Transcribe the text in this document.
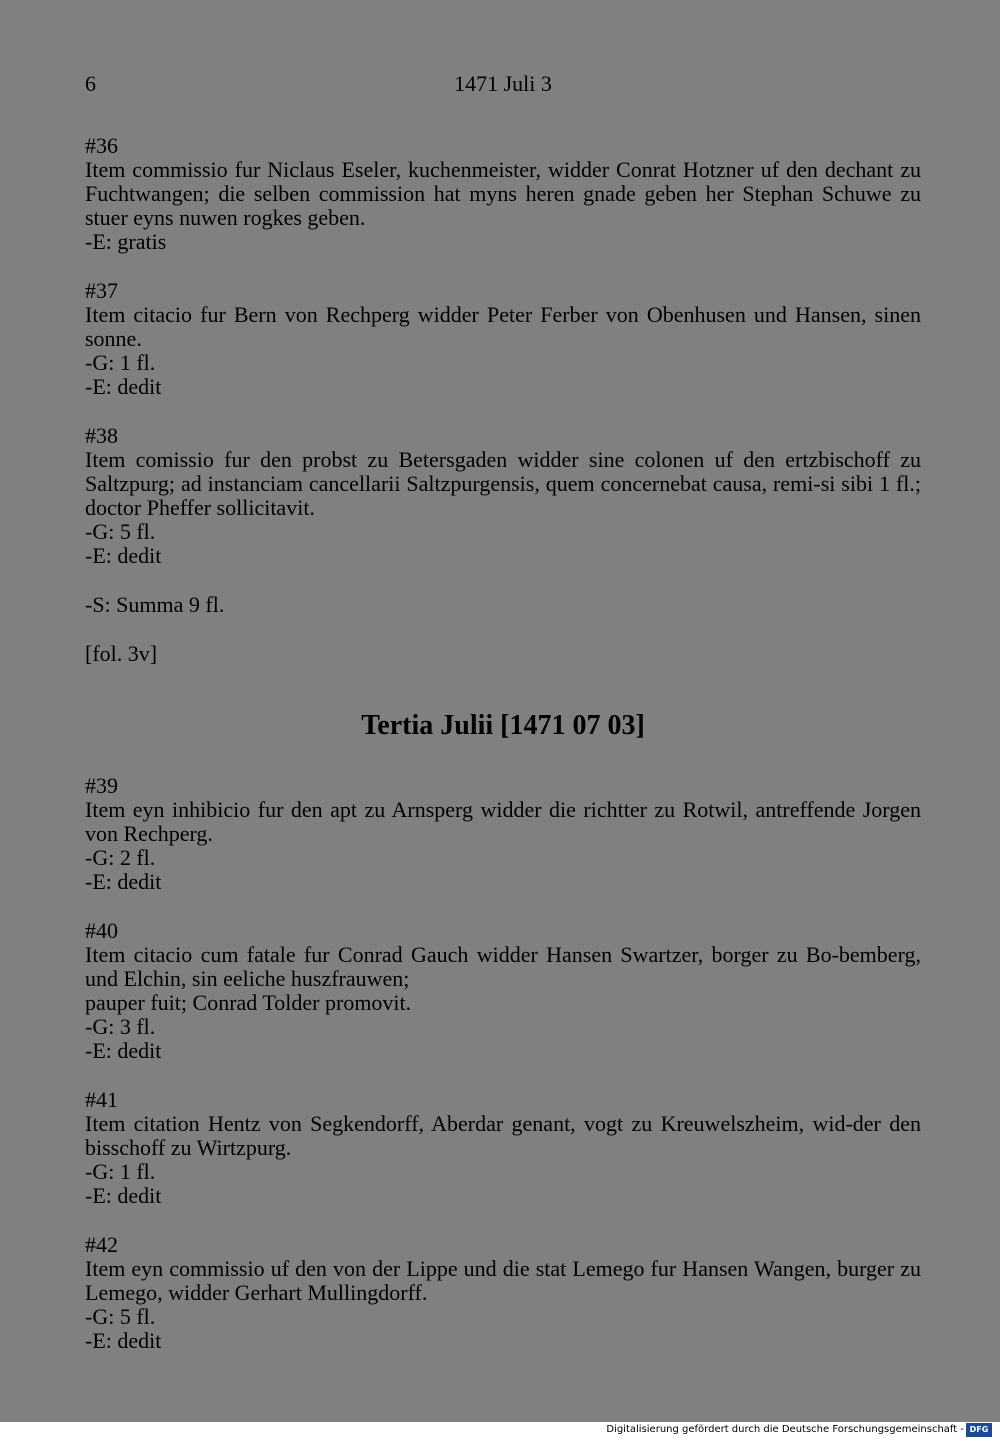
6	1471 Juli 3
#36
Item commissio fur Niclaus Eseler, kuchenmeister, widder Conrat Hotzner uf den dechant zu Fuchtwangen; die selben commission hat myns heren gnade geben her Stephan Schuwe zu stuer eyns nuwen rogkes geben.
-E: gratis
#37
Item citacio fur Bern von Rechperg widder Peter Ferber von Obenhusen und Hansen, sinen sonne.
-G: 1 fl.
-E: dedit
#38
Item comissio fur den probst zu Betersgaden widder sine colonen uf den ertzbischoff zu Saltzpurg; ad instanciam cancellarii Saltzpurgensis, quem concernebat causa, remi-si sibi 1 fl.; doctor Pheffer sollicitavit.
-G: 5 fl.
-E: dedit
-S: Summa 9 fl.
[fol. 3v]
Tertia Julii [1471 07 03]
#39
Item eyn inhibicio fur den apt zu Arnsperg widder die richtter zu Rotwil, antreffende Jorgen von Rechperg.
-G: 2 fl.
-E: dedit
#40
Item citacio cum fatale fur Conrad Gauch widder Hansen Swartzer, borger zu Bo-bemberg, und Elchin, sin eeliche huszfrauwen;
pauper fuit; Conrad Tolder promovit.
-G: 3 fl.
-E: dedit
#41
Item citation Hentz von Segkendorff, Aberdar genant, vogt zu Kreuwelszheim, wid-der den bisschoff zu Wirtzpurg.
-G: 1 fl.
-E: dedit
#42
Item eyn commissio uf den von der Lippe und die stat Lemego fur Hansen Wangen, burger zu Lemego, widder Gerhart Mullingdorff.
-G: 5 fl.
-E: dedit
Digitalisierung gefördert durch die Deutsche Forschungsgemeinschaft - DFG
